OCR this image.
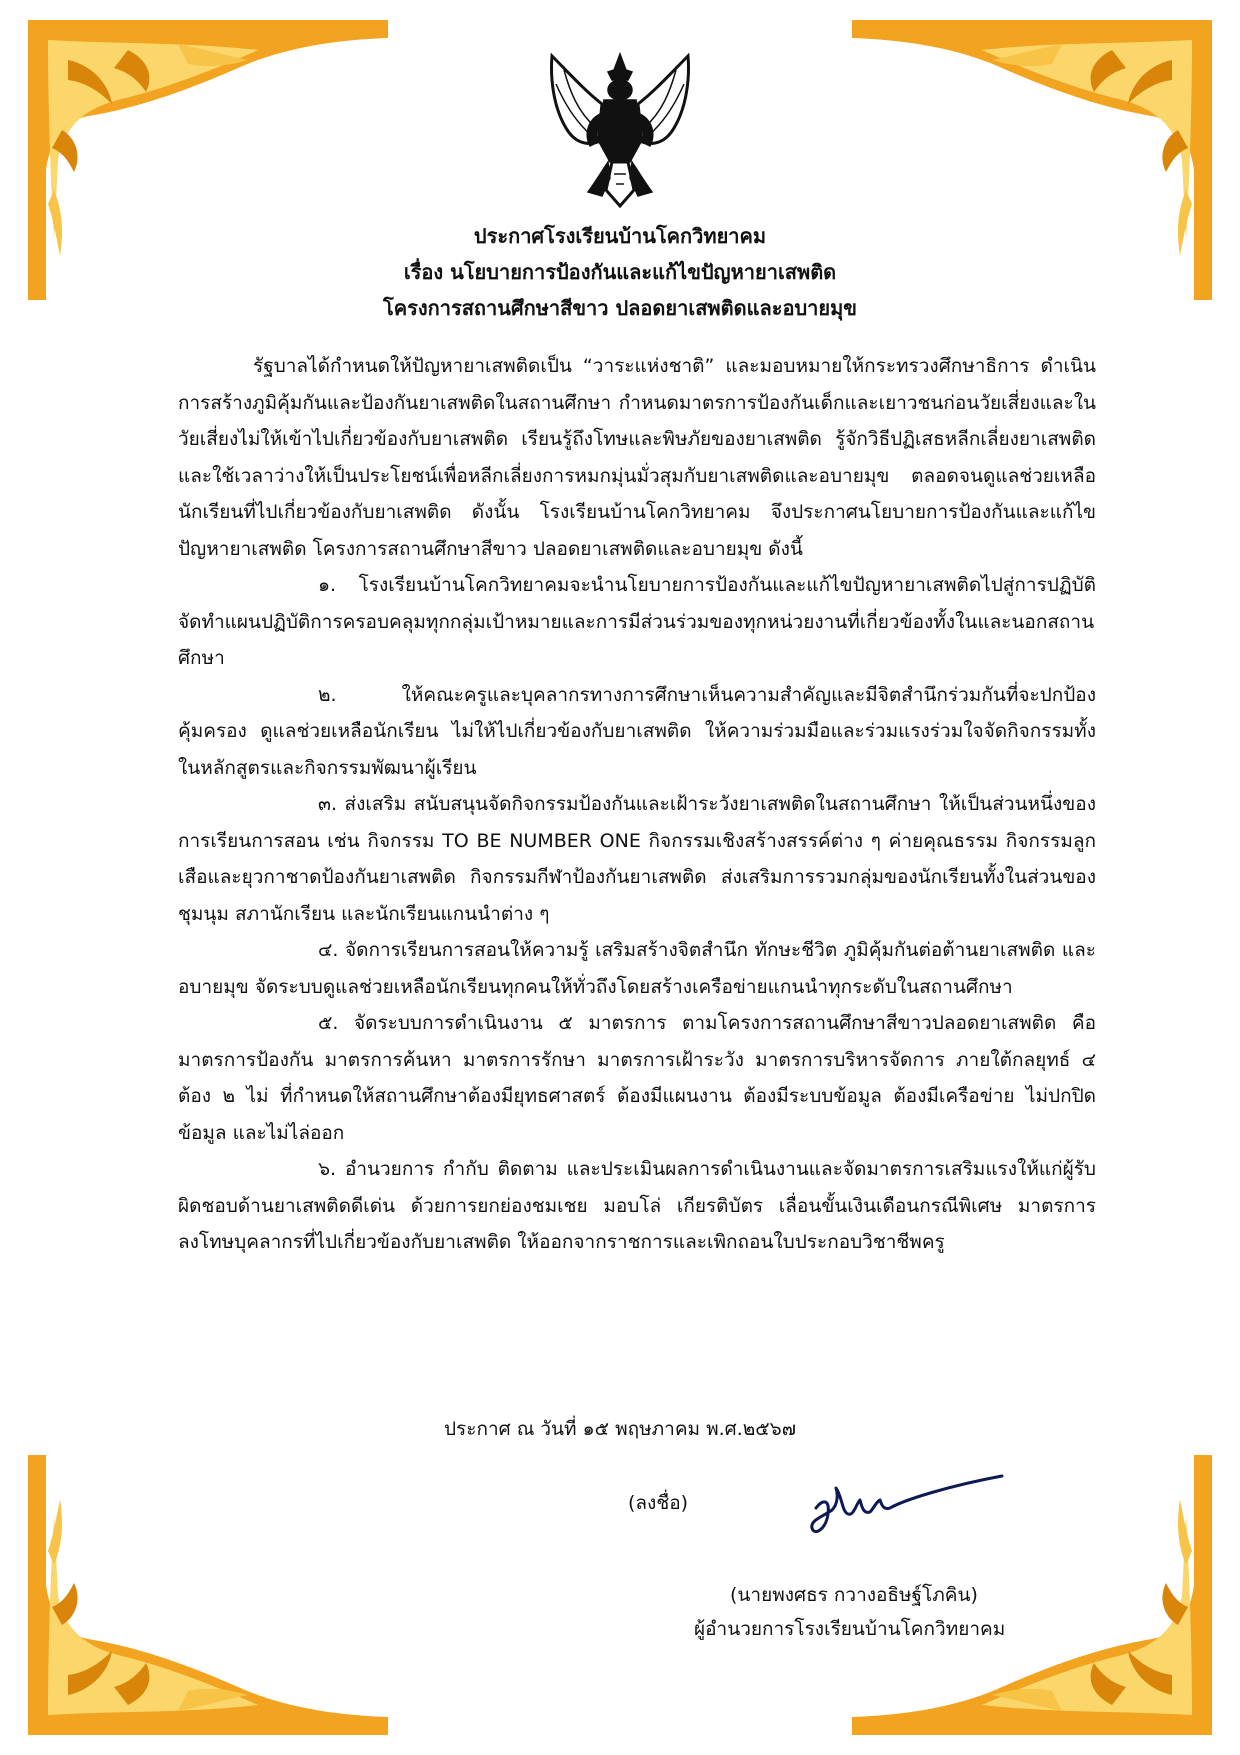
ประกาศโรงเรียนบ้านโคกวิทยาคม
เรื่อง นโยบายการป้องกันและแก้ไขปัญหายาเสพติด
โครงการสถานศึกษาสีขาว ปลอดยาเสพติดและอบายมุข

รัฐบาลได้กำหนดให้ปัญหายาเสพติดเป็น “วาระแห่งชาติ” และมอบหมายให้กระทรวงศึกษาธิการ ดำเนินการสร้างภูมิคุ้มกันและป้องกันยาเสพติดในสถานศึกษา กำหนดมาตรการป้องกันเด็กและเยาวชนก่อนวัยเสี่ยงและในวัยเสี่ยงไม่ให้เข้าไปเกี่ยวข้องกับยาเสพติด เรียนรู้ถึงโทษและพิษภัยของยาเสพติด รู้จักวิธีปฏิเสธหลีกเลี่ยงยาเสพติดและใช้เวลาว่างให้เป็นประโยชน์เพื่อหลีกเลี่ยงการหมกมุ่นมั่วสุมกับยาเสพติดและอบายมุข ตลอดจนดูแลช่วยเหลือนักเรียนที่ไปเกี่ยวข้องกับยาเสพติด ดังนั้น โรงเรียนบ้านโคกวิทยาคม จึงประกาศนโยบายการป้องกันและแก้ไขปัญหายาเสพติด โครงการสถานศึกษาสีขาว ปลอดยาเสพติดและอบายมุข ดังนี้

๑. โรงเรียนบ้านโคกวิทยาคมจะนำนโยบายการป้องกันและแก้ไขปัญหายาเสพติดไปสู่การปฏิบัติ จัดทำแผนปฏิบัติการครอบคลุมทุกกลุ่มเป้าหมายและการมีส่วนร่วมของทุกหน่วยงานที่เกี่ยวข้องทั้งในและนอกสถานศึกษา

๒. ให้คณะครูและบุคลากรทางการศึกษาเห็นความสำคัญและมีจิตสำนึกร่วมกันที่จะปกป้องคุ้มครอง ดูแลช่วยเหลือนักเรียน ไม่ให้ไปเกี่ยวข้องกับยาเสพติด ให้ความร่วมมือและร่วมแรงร่วมใจจัดกิจกรรมทั้งในหลักสูตรและกิจกรรมพัฒนาผู้เรียน

๓. ส่งเสริม สนับสนุนจัดกิจกรรมป้องกันและเฝ้าระวังยาเสพติดในสถานศึกษา ให้เป็นส่วนหนึ่งของการเรียนการสอน เช่น กิจกรรม TO BE NUMBER ONE กิจกรรมเชิงสร้างสรรค์ต่าง ๆ ค่ายคุณธรรม กิจกรรมลูกเสือและยุวกาชาดป้องกันยาเสพติด กิจกรรมกีฬาป้องกันยาเสพติด ส่งเสริมการรวมกลุ่มของนักเรียนทั้งในส่วนของชุมนุม สภานักเรียน และนักเรียนแกนนำต่าง ๆ

๔. จัดการเรียนการสอนให้ความรู้ เสริมสร้างจิตสำนึก ทักษะชีวิต ภูมิคุ้มกันต่อต้านยาเสพติด และอบายมุข จัดระบบดูแลช่วยเหลือนักเรียนทุกคนให้ทั่วถึงโดยสร้างเครือข่ายแกนนำทุกระดับในสถานศึกษา

๕. จัดระบบการดำเนินงาน ๕ มาตรการ ตามโครงการสถานศึกษาสีขาวปลอดยาเสพติด คือ มาตรการป้องกัน มาตรการค้นหา มาตรการรักษา มาตรการเฝ้าระวัง มาตรการบริหารจัดการ ภายใต้กลยุทธ์ ๔ ต้อง ๒ ไม่ ที่กำหนดให้สถานศึกษาต้องมียุทธศาสตร์ ต้องมีแผนงาน ต้องมีระบบข้อมูล ต้องมีเครือข่าย ไม่ปกปิดข้อมูล และไม่ไล่ออก

๖. อำนวยการ กำกับ ติดตาม และประเมินผลการดำเนินงานและจัดมาตรการเสริมแรงให้แก่ผู้รับผิดชอบด้านยาเสพติดดีเด่น ด้วยการยกย่องชมเชย มอบโล่ เกียรติบัตร เลื่อนขั้นเงินเดือนกรณีพิเศษ มาตรการลงโทษบุคลากรที่ไปเกี่ยวข้องกับยาเสพติด ให้ออกจากราชการและเพิกถอนใบประกอบวิชาชีพครู

ประกาศ ณ วันที่ ๑๕ พฤษภาคม พ.ศ.๒๕๖๗
(ลงชื่อ)
(นายพงศธร กวางอธิษฐ์โภคิน)
ผู้อำนวยการโรงเรียนบ้านโคกวิทยาคม
